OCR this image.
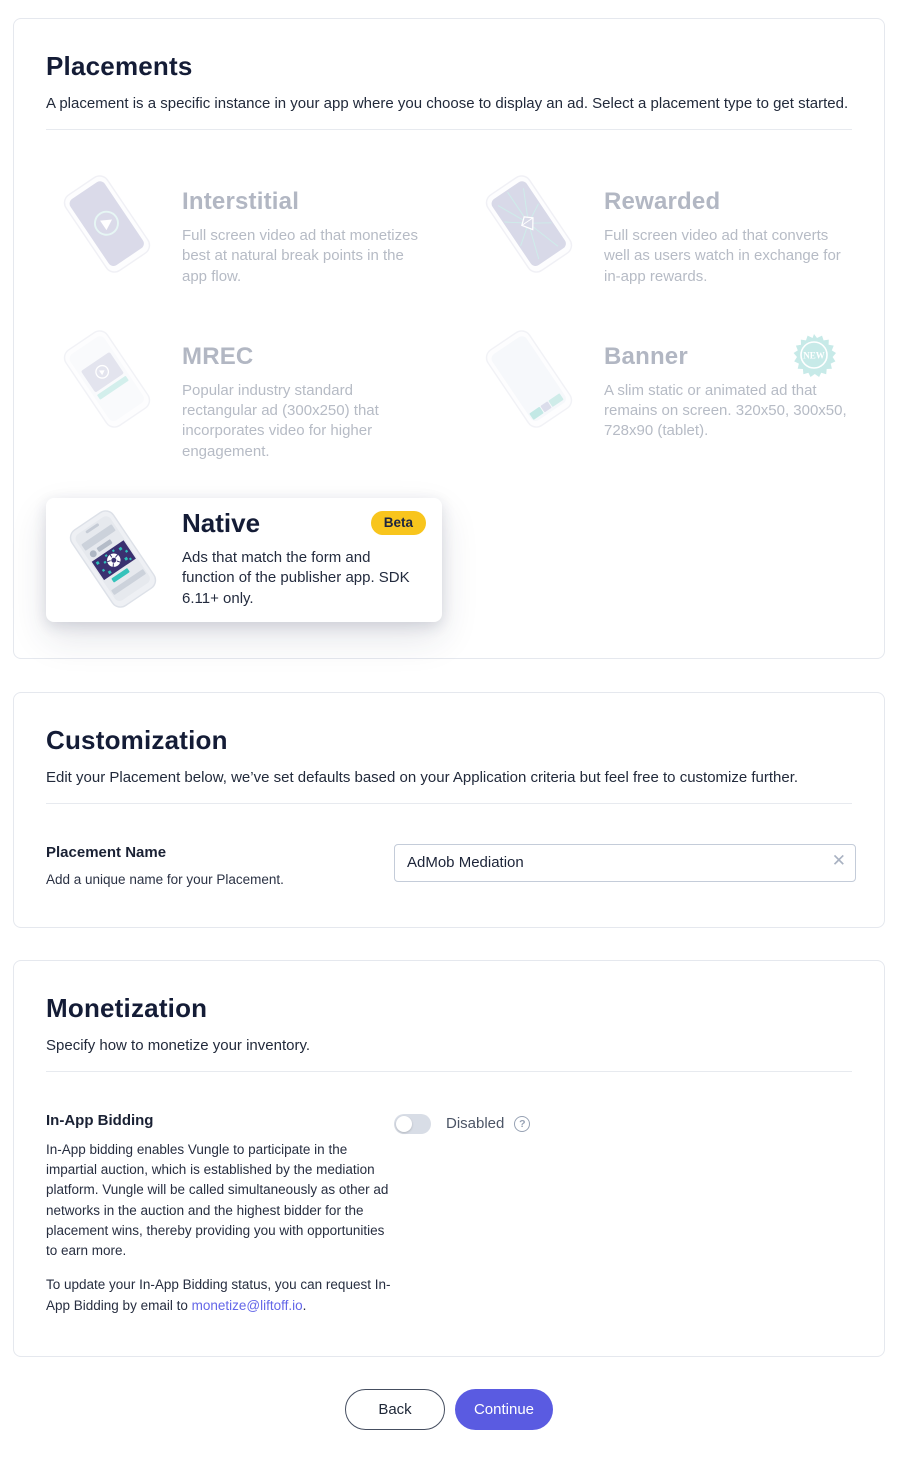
Placements

A placement is a specific instance in your app where you choose to display an ad. Select a placement type to get started.

Interstitial
Full screen video ad that monetizes best at natural break points in the app flow.
Rewarded
Full screen video ad that converts well as users watch in exchange for in-app rewards.
MREC
Popular industry standard rectangular ad (300x250) that incorporates video for higher engagement.
Banner
A slim static or animated ad that remains on screen. 320x50, 300x50, 728x90 (tablet).
NEW
Native	Beta
Ads that match the form and function of the publisher app. SDK 6.11+ only.
Customization

Edit your Placement below, we’ve set defaults based on your Application criteria but feel free to customize further.

Placement Name
Add a unique name for your Placement.
AdMob Mediation
✕
Monetization

Specify how to monetize your inventory.

In-App Bidding

In-App bidding enables Vungle to participate in the impartial auction, which is established by the mediation platform. Vungle will be called simultaneously as other ad networks in the auction and the highest bidder for the placement wins, thereby providing you with opportunities to earn more.

To update your In-App Bidding status, you can request In-App Bidding by email to monetize@liftoff.io.

Disabled	?
Back	Continue
